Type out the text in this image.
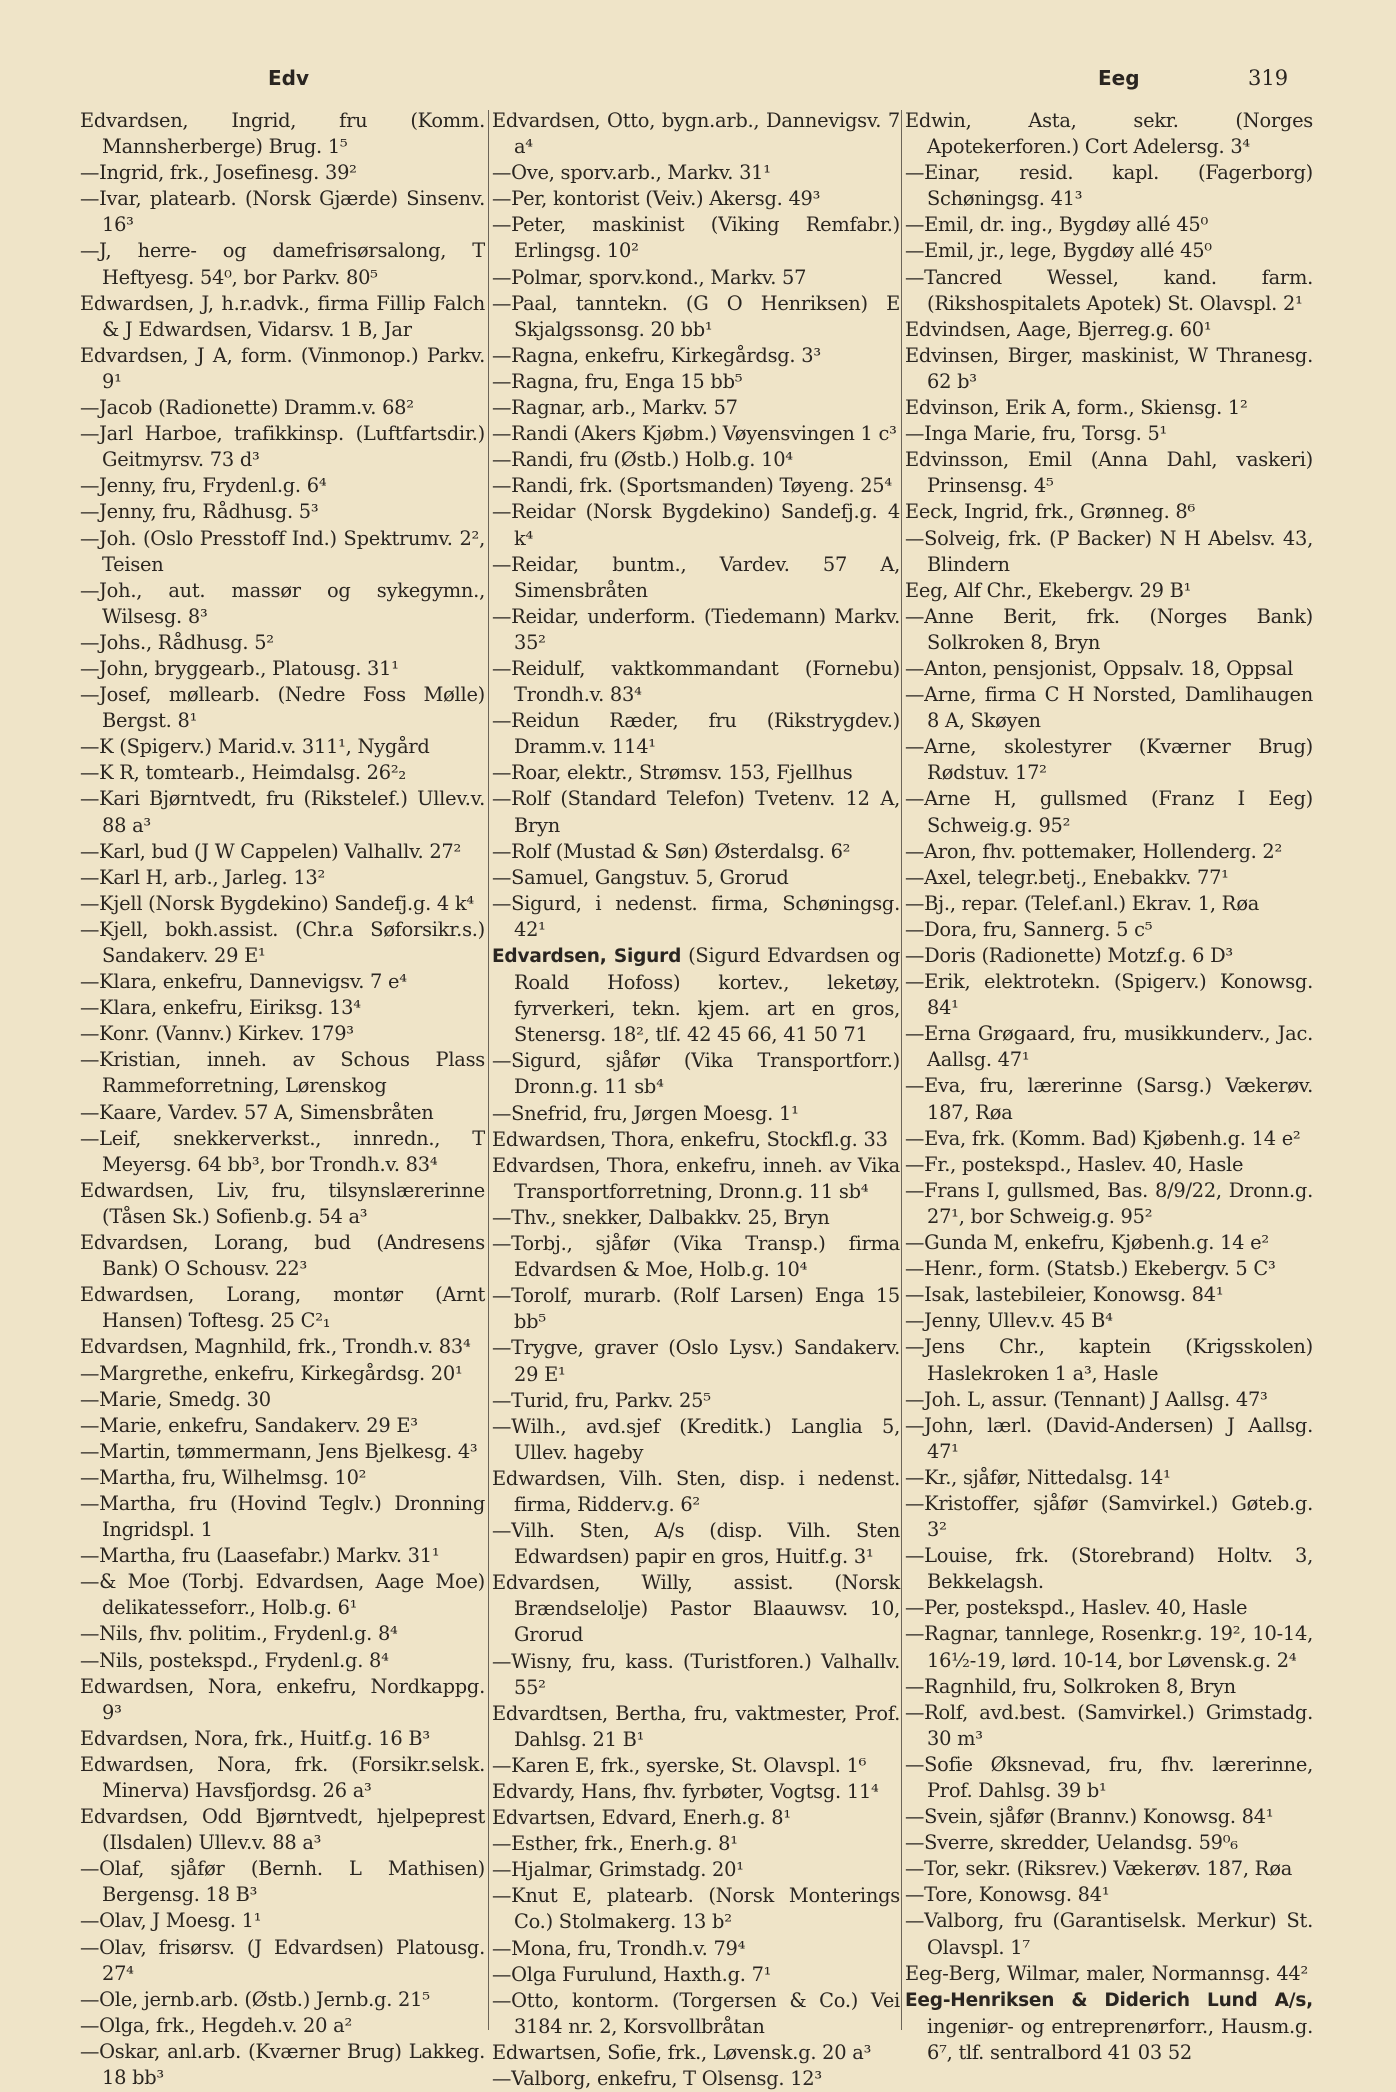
Edv	Eeg	319
Edvardsen, Ingrid, fru (Komm. Mannsherberge) Brug. 1⁵
—Ingrid, frk., Josefinesg. 39²
—Ivar, platearb. (Norsk Gjærde) Sinsenv. 16³
—J, herre- og damefrisørsalong, T Heftyesg. 54⁰, bor Parkv. 80⁵
Edwardsen, J, h.r.advk., firma Fillip Falch & J Edwardsen, Vidarsv. 1 B, Jar
Edvardsen, J A, form. (Vinmonop.) Parkv. 9¹
—Jacob (Radionette) Dramm.v. 68²
—Jarl Harboe, trafikkinsp. (Luftfartsdir.) Geitmyrsv. 73 d³
—Jenny, fru, Frydenl.g. 6⁴
—Jenny, fru, Rådhusg. 5³
—Joh. (Oslo Presstoff Ind.) Spektrumv. 2², Teisen
—Joh., aut. massør og sykegymn., Wilsesg. 8³
—Johs., Rådhusg. 5²
—John, bryggearb., Platousg. 31¹
—Josef, møllearb. (Nedre Foss Mølle) Bergst. 8¹
—K (Spigerv.) Marid.v. 311¹, Nygård
—K R, tomtearb., Heimdalsg. 26²₂
—Kari Bjørntvedt, fru (Rikstelef.) Ullev.v. 88 a³
—Karl, bud (J W Cappelen) Valhallv. 27²
—Karl H, arb., Jarleg. 13²
—Kjell (Norsk Bygdekino) Sandefj.g. 4 k⁴
—Kjell, bokh.assist. (Chr.a Søforsikr.s.) Sandakerv. 29 E¹
—Klara, enkefru, Dannevigsv. 7 e⁴
—Klara, enkefru, Eiriksg. 13⁴
—Konr. (Vannv.) Kirkev. 179³
—Kristian, inneh. av Schous Plass Rammeforretning, Lørenskog
—Kaare, Vardev. 57 A, Simensbråten
—Leif, snekkerverkst., innredn., T Meyersg. 64 bb³, bor Trondh.v. 83⁴
Edwardsen, Liv, fru, tilsynslærerinne (Tåsen Sk.) Sofienb.g. 54 a³
Edvardsen, Lorang, bud (Andresens Bank) O Schousv. 22³
Edwardsen, Lorang, montør (Arnt Hansen) Toftesg. 25 C²₁
Edvardsen, Magnhild, frk., Trondh.v. 83⁴
—Margrethe, enkefru, Kirkegårdsg. 20¹
—Marie, Smedg. 30
—Marie, enkefru, Sandakerv. 29 E³
—Martin, tømmermann, Jens Bjelkesg. 4³
—Martha, fru, Wilhelmsg. 10²
—Martha, fru (Hovind Teglv.) Dronning Ingridspl. 1
—Martha, fru (Laasefabr.) Markv. 31¹
—& Moe (Torbj. Edvardsen, Aage Moe) delikatesseforr., Holb.g. 6¹
—Nils, fhv. politim., Frydenl.g. 8⁴
—Nils, postekspd., Frydenl.g. 8⁴
Edwardsen, Nora, enkefru, Nordkappg. 9³
Edvardsen, Nora, frk., Huitf.g. 16 B³
Edwardsen, Nora, frk. (Forsikr.selsk. Minerva) Havsfjordsg. 26 a³
Edvardsen, Odd Bjørntvedt, hjelpeprest (Ilsdalen) Ullev.v. 88 a³
—Olaf, sjåfør (Bernh. L Mathisen) Bergensg. 18 B³
—Olav, J Moesg. 1¹
—Olav, frisørsv. (J Edvardsen) Platousg. 27⁴
—Ole, jernb.arb. (Østb.) Jernb.g. 21⁵
—Olga, frk., Hegdeh.v. 20 a²
—Oskar, anl.arb. (Kværner Brug) Lakkeg. 18 bb³
Edvardsen, Otto, bygn.arb., Dannevigsv. 7 a⁴
—Ove, sporv.arb., Markv. 31¹
—Per, kontorist (Veiv.) Akersg. 49³
—Peter, maskinist (Viking Remfabr.) Erlingsg. 10²
—Polmar, sporv.kond., Markv. 57
—Paal, tanntekn. (G O Henriksen) E Skjalgssonsg. 20 bb¹
—Ragna, enkefru, Kirkegårdsg. 3³
—Ragna, fru, Enga 15 bb⁵
—Ragnar, arb., Markv. 57
—Randi (Akers Kjøbm.) Vøyensvingen 1 c³
—Randi, fru (Østb.) Holb.g. 10⁴
—Randi, frk. (Sportsmanden) Tøyeng. 25⁴
—Reidar (Norsk Bygdekino) Sandefj.g. 4 k⁴
—Reidar, buntm., Vardev. 57 A, Simensbråten
—Reidar, underform. (Tiedemann) Markv. 35²
—Reidulf, vaktkommandant (Fornebu) Trondh.v. 83⁴
—Reidun Ræder, fru (Rikstrygdev.) Dramm.v. 114¹
—Roar, elektr., Strømsv. 153, Fjellhus
—Rolf (Standard Telefon) Tvetenv. 12 A, Bryn
—Rolf (Mustad & Søn) Østerdalsg. 6²
—Samuel, Gangstuv. 5, Grorud
—Sigurd, i nedenst. firma, Schøningsg. 42¹
Edvardsen, Sigurd (Sigurd Edvardsen og Roald Hofoss) kortev., leketøy, fyrverkeri, tekn. kjem. art en gros, Stenersg. 18², tlf. 42 45 66, 41 50 71
—Sigurd, sjåfør (Vika Transportforr.) Dronn.g. 11 sb⁴
—Snefrid, fru, Jørgen Moesg. 1¹
Edwardsen, Thora, enkefru, Stockfl.g. 33
Edvardsen, Thora, enkefru, inneh. av Vika Transportforretning, Dronn.g. 11 sb⁴
—Thv., snekker, Dalbakkv. 25, Bryn
—Torbj., sjåfør (Vika Transp.) firma Edvardsen & Moe, Holb.g. 10⁴
—Torolf, murarb. (Rolf Larsen) Enga 15 bb⁵
—Trygve, graver (Oslo Lysv.) Sandakerv. 29 E¹
—Turid, fru, Parkv. 25⁵
—Wilh., avd.sjef (Kreditk.) Langlia 5, Ullev. hageby
Edwardsen, Vilh. Sten, disp. i nedenst. firma, Ridderv.g. 6²
—Vilh. Sten, A/s (disp. Vilh. Sten Edwardsen) papir en gros, Huitf.g. 3¹
Edvardsen, Willy, assist. (Norsk Brændselolje) Pastor Blaauwsv. 10, Grorud
—Wisny, fru, kass. (Turistforen.) Valhallv. 55²
Edvardtsen, Bertha, fru, vaktmester, Prof. Dahlsg. 21 B¹
—Karen E, frk., syerske, St. Olavspl. 1⁶
Edvardy, Hans, fhv. fyrbøter, Vogtsg. 11⁴
Edvartsen, Edvard, Enerh.g. 8¹
—Esther, frk., Enerh.g. 8¹
—Hjalmar, Grimstadg. 20¹
—Knut E, platearb. (Norsk Monterings Co.) Stolmakerg. 13 b²
—Mona, fru, Trondh.v. 79⁴
—Olga Furulund, Haxth.g. 7¹
—Otto, kontorm. (Torgersen & Co.) Vei 3184 nr. 2, Korsvollbråtan
Edwartsen, Sofie, frk., Løvensk.g. 20 a³
—Valborg, enkefru, T Olsensg. 12³
Edwin, Asta, sekr. (Norges Apotekerforen.) Cort Adelersg. 3⁴
—Einar, resid. kapl. (Fagerborg) Schøningsg. 41³
—Emil, dr. ing., Bygdøy allé 45⁰
—Emil, jr., lege, Bygdøy allé 45⁰
—Tancred Wessel, kand. farm. (Rikshospitalets Apotek) St. Olavspl. 2¹
Edvindsen, Aage, Bjerreg.g. 60¹
Edvinsen, Birger, maskinist, W Thranesg. 62 b³
Edvinson, Erik A, form., Skiensg. 1²
—Inga Marie, fru, Torsg. 5¹
Edvinsson, Emil (Anna Dahl, vaskeri) Prinsensg. 4⁵
Eeck, Ingrid, frk., Grønneg. 8⁶
—Solveig, frk. (P Backer) N H Abelsv. 43, Blindern
Eeg, Alf Chr., Ekebergv. 29 B¹
—Anne Berit, frk. (Norges Bank) Solkroken 8, Bryn
—Anton, pensjonist, Oppsalv. 18, Oppsal
—Arne, firma C H Norsted, Damlihaugen 8 A, Skøyen
—Arne, skolestyrer (Kværner Brug) Rødstuv. 17²
—Arne H, gullsmed (Franz I Eeg) Schweig.g. 95²
—Aron, fhv. pottemaker, Hollenderg. 2²
—Axel, telegr.betj., Enebakkv. 77¹
—Bj., repar. (Telef.anl.) Ekrav. 1, Røa
—Dora, fru, Sannerg. 5 c⁵
—Doris (Radionette) Motzf.g. 6 D³
—Erik, elektrotekn. (Spigerv.) Konowsg. 84¹
—Erna Grøgaard, fru, musikkunderv., Jac. Aallsg. 47¹
—Eva, fru, lærerinne (Sarsg.) Vækerøv. 187, Røa
—Eva, frk. (Komm. Bad) Kjøbenh.g. 14 e²
—Fr., postekspd., Haslev. 40, Hasle
—Frans I, gullsmed, Bas. 8/9/22, Dronn.g. 27¹, bor Schweig.g. 95²
—Gunda M, enkefru, Kjøbenh.g. 14 e²
—Henr., form. (Statsb.) Ekebergv. 5 C³
—Isak, lastebileier, Konowsg. 84¹
—Jenny, Ullev.v. 45 B⁴
—Jens Chr., kaptein (Krigsskolen) Haslekroken 1 a³, Hasle
—Joh. L, assur. (Tennant) J Aallsg. 47³
—John, lærl. (David-Andersen) J Aallsg. 47¹
—Kr., sjåfør, Nittedalsg. 14¹
—Kristoffer, sjåfør (Samvirkel.) Gøteb.g. 3²
—Louise, frk. (Storebrand) Holtv. 3, Bekkelagsh.
—Per, postekspd., Haslev. 40, Hasle
—Ragnar, tannlege, Rosenkr.g. 19², 10-14, 16½-19, lørd. 10-14, bor Løvensk.g. 2⁴
—Ragnhild, fru, Solkroken 8, Bryn
—Rolf, avd.best. (Samvirkel.) Grimstadg. 30 m³
—Sofie Øksnevad, fru, fhv. lærerinne, Prof. Dahlsg. 39 b¹
—Svein, sjåfør (Brannv.) Konowsg. 84¹
—Sverre, skredder, Uelandsg. 59⁰₆
—Tor, sekr. (Riksrev.) Vækerøv. 187, Røa
—Tore, Konowsg. 84¹
—Valborg, fru (Garantiselsk. Merkur) St. Olavspl. 1⁷
Eeg-Berg, Wilmar, maler, Normannsg. 44²
Eeg-Henriksen & Diderich Lund A/s, ingeniør- og entreprenørforr., Hausm.g. 6⁷, tlf. sentralbord 41 03 52
